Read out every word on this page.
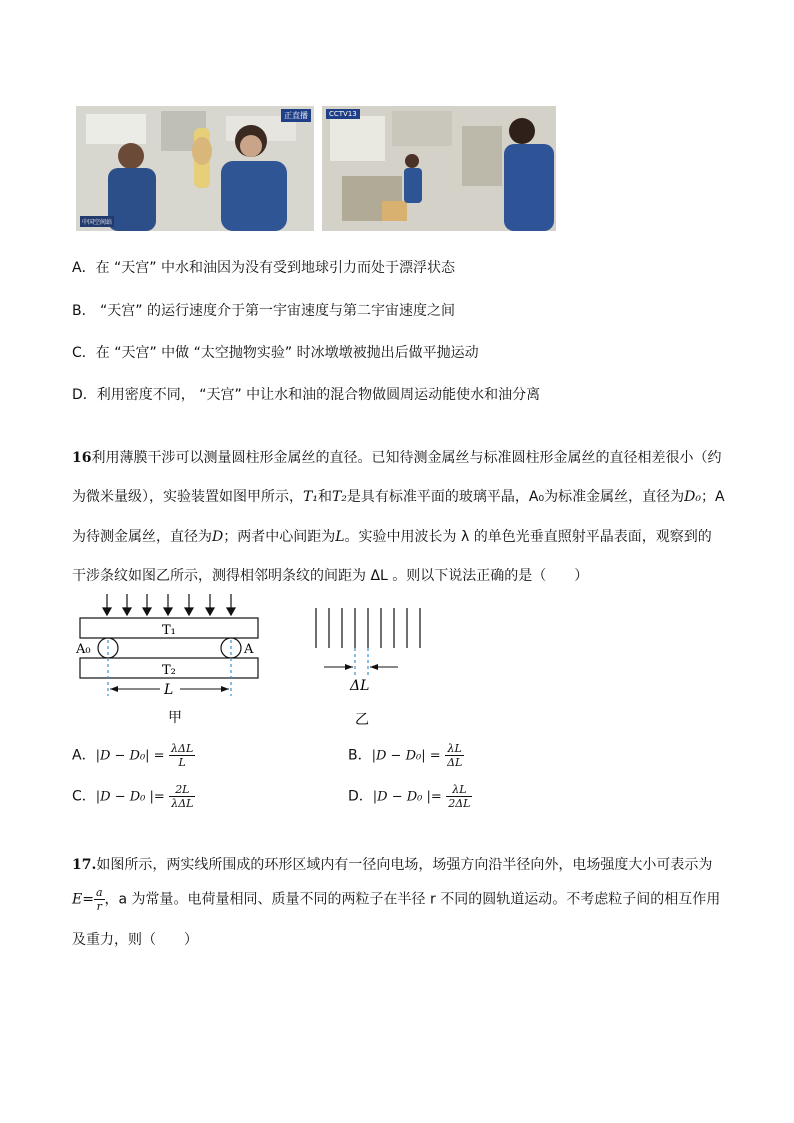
正直播
中国空间站
CCTV13
A．在 “天宫” 中水和油因为没有受到地球引力而处于漂浮状态
B． “天宫” 的运行速度介于第一宇宙速度与第二宇宙速度之间
C．在 “天宫” 中做 “太空抛物实验” 时冰墩墩被抛出后做平抛运动
D．利用密度不同， “天宫” 中让水和油的混合物做圆周运动能使水和油分离
16利用薄膜干涉可以测量圆柱形金属丝的直径。已知待测金属丝与标准圆柱形金属丝的直径相差很小（约
为微米量级），实验装置如图甲所示，T₁和T₂是具有标准平面的玻璃平晶，A₀为标准金属丝，直径为D₀；A
为待测金属丝，直径为D；两者中心间距为L。实验中用波长为 λ 的单色光垂直照射平晶表面，观察到的
干涉条纹如图乙所示，测得相邻明条纹的间距为 ΔL 。则以下说法正确的是（　　）
T₁
A₀	A
T₂
L
甲
ΔL
乙
A．$|D - D_0| = \frac{\text{λΔL}}{L}$	B．$|D - D_0| = \frac{\lambda L}{\Delta L}$
C．|D − D₀ |= $\frac{2L}{\text{λΔL}}$	D．|D − D₀ |= $\frac{\lambda L}{2\Delta L}$
17.如图所示，两实线所围成的环形区域内有一径向电场，场强方向沿半径向外，电场强度大小可表示为
$E= \frac{a}{r}$ ，a 为常量。电荷量相同、质量不同的两粒子在半径 r 不同的圆轨道运动。不考虑粒子间的相互作用
及重力，则（　　）
